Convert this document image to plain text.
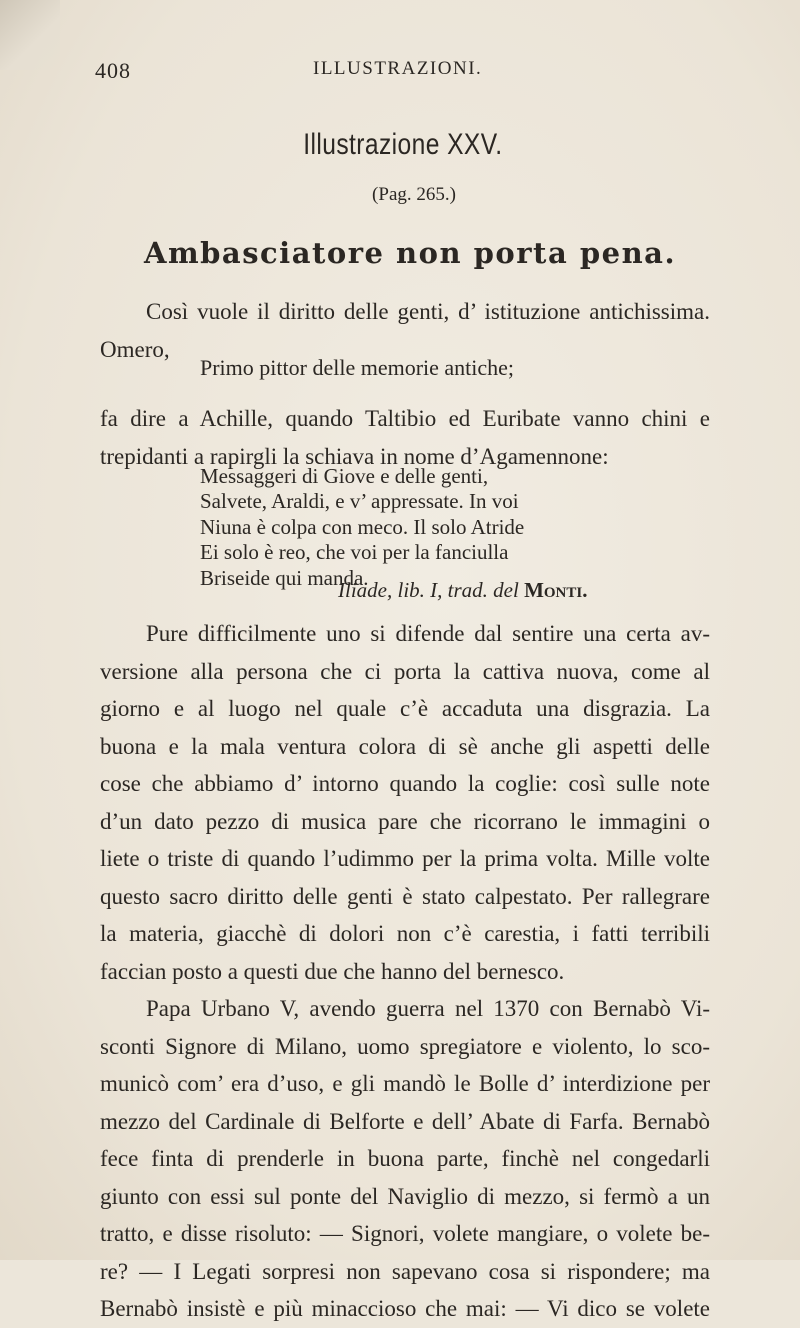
408	ILLUSTRAZIONI.
Illustrazione XXV.
(Pag. 265.)
Ambasciatore non porta pena.
Così vuole il diritto delle genti, d’ istituzione antichissima.
Omero,
Primo pittor delle memorie antiche;
fa dire a Achille, quando Taltibio ed Euribate vanno chini e
trepidanti a rapirgli la schiava in nome d’Agamennone:
Messaggeri di Giove e delle genti,
Salvete, Araldi, e v’ appressate. In voi
Niuna è colpa con meco. Il solo Atride
Ei solo è reo, che voi per la fanciulla
Briseide qui manda.
Iliade, lib. I, trad. del Monti.
Pure difficilmente uno si difende dal sentire una certa av-
versione alla persona che ci porta la cattiva nuova, come al
giorno e al luogo nel quale c’è accaduta una disgrazia. La
buona e la mala ventura colora di sè anche gli aspetti delle
cose che abbiamo d’ intorno quando la coglie: così sulle note
d’un dato pezzo di musica pare che ricorrano le immagini o
liete o triste di quando l’udimmo per la prima volta. Mille volte
questo sacro diritto delle genti è stato calpestato. Per rallegrare
la materia, giacchè di dolori non c’è carestia, i fatti terribili
faccian posto a questi due che hanno del bernesco.
Papa Urbano V, avendo guerra nel 1370 con Bernabò Vi-
sconti Signore di Milano, uomo spregiatore e violento, lo sco-
municò com’ era d’uso, e gli mandò le Bolle d’ interdizione per
mezzo del Cardinale di Belforte e dell’ Abate di Farfa. Bernabò
fece finta di prenderle in buona parte, finchè nel congedarli
giunto con essi sul ponte del Naviglio di mezzo, si fermò a un
tratto, e disse risoluto: — Signori, volete mangiare, o volete be-
re? — I Legati sorpresi non sapevano cosa si rispondere; ma
Bernabò insistè e più minaccioso che mai: — Vi dico se volete
